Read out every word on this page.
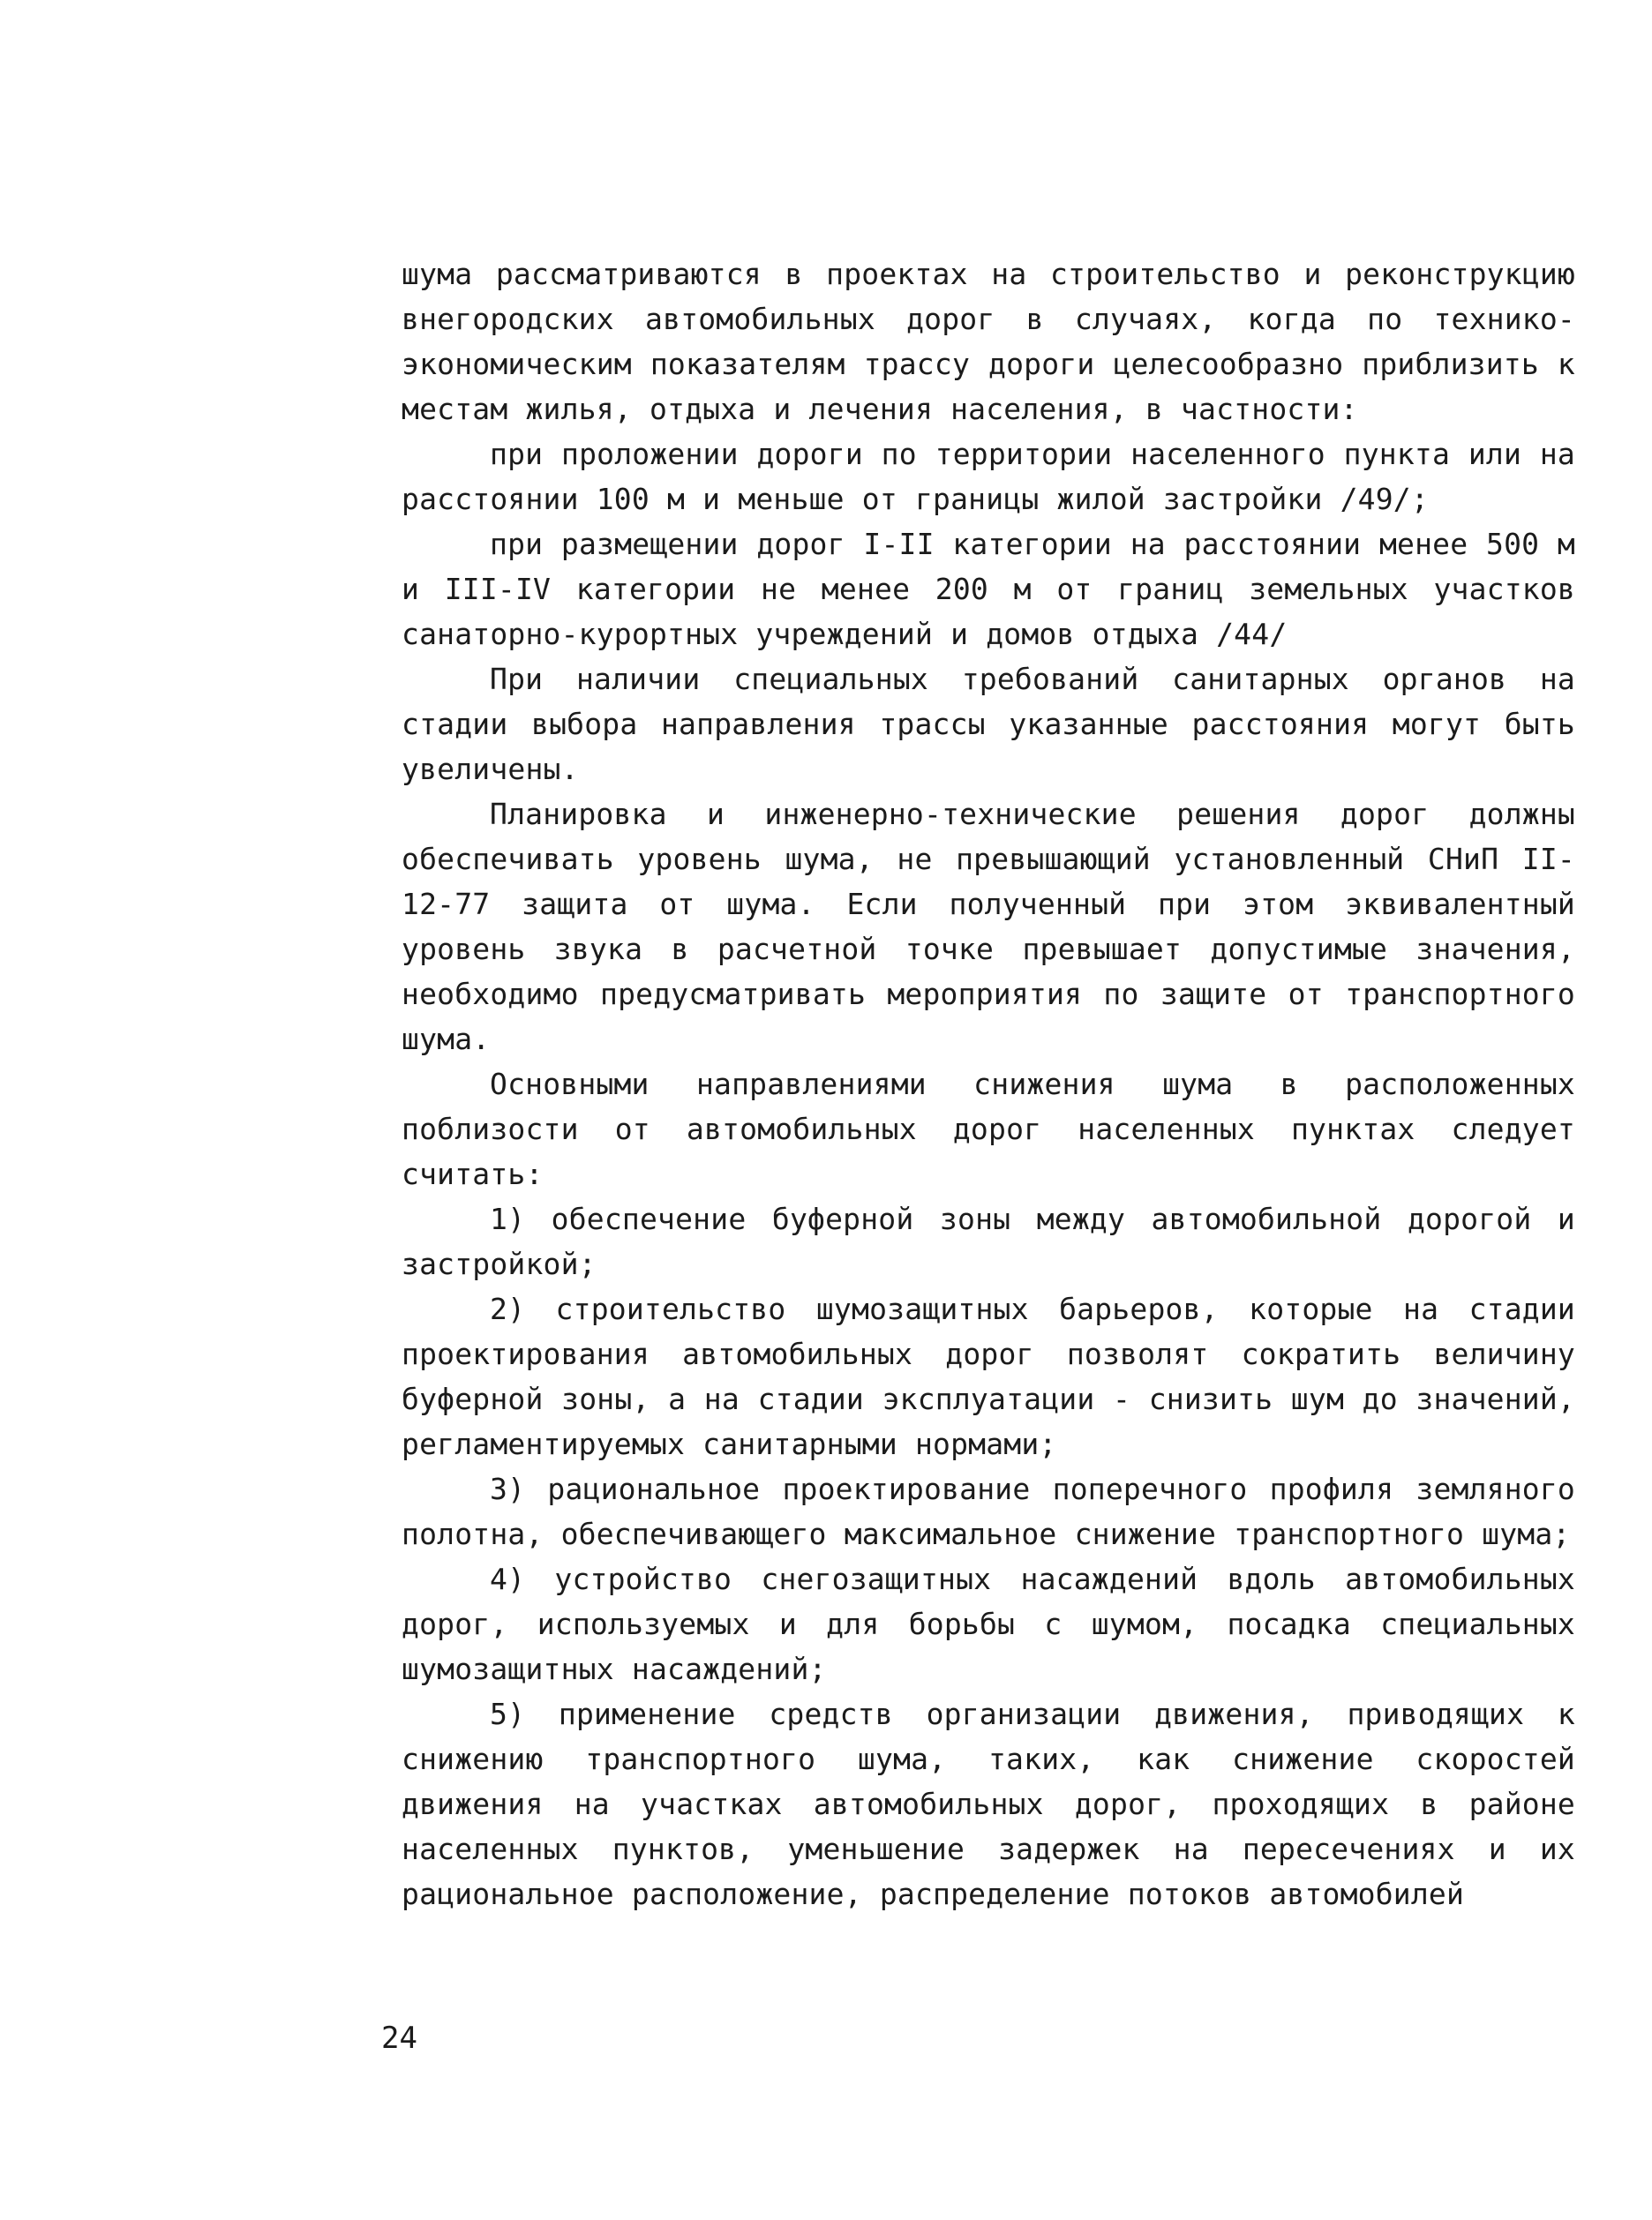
шума рассматриваются в проектах на строительство и реконструкцию внегородских автомобильных дорог в случаях, когда по технико-экономическим показателям трассу дороги целесообразно приблизить к местам жилья, отдыха и лечения населения, в частности:

при проложении дороги по территории населенного пункта или на расстоянии 100 м и меньше от границы жилой застройки /49/;

при размещении дорог I-II категории на расстоянии менее 500 м и III-IV категории не менее 200 м от границ земельных участков санаторно-курортных учреждений и домов отдыха /44/

При наличии специальных требований санитарных органов на стадии выбора направления трассы указанные расстояния могут быть увеличены.

Планировка и инженерно-технические решения дорог должны обеспечивать уровень шума, не превышающий установленный СНиП II-12-77 защита от шума. Если полученный при этом эквивалентный уровень звука в расчетной точке превышает допустимые значения, необходимо предусматривать мероприятия по защите от транспортного шума.

Основными направлениями снижения шума в расположенных поблизости от автомобильных дорог населенных пунктах следует считать:

1) обеспечение буферной зоны между автомобильной дорогой и застройкой;

2) строительство шумозащитных барьеров, которые на стадии проектирования автомобильных дорог позволят сократить величину буферной зоны, а на стадии эксплуатации - снизить шум до значений, регламентируемых санитарными нормами;

3) рациональное проектирование поперечного профиля земляного полотна, обеспечивающего максимальное снижение транспортного шума;

4) устройство снегозащитных насаждений вдоль автомобильных дорог, используемых и для борьбы с шумом, посадка специальных шумозащитных насаждений;

5) применение средств организации движения, приводящих к снижению транспортного шума, таких, как снижение скоростей движения на участках автомобильных дорог, проходящих в районе населенных пунктов, уменьшение задержек на пересечениях и их рациональное расположение, распределение потоков автомобилей

24
